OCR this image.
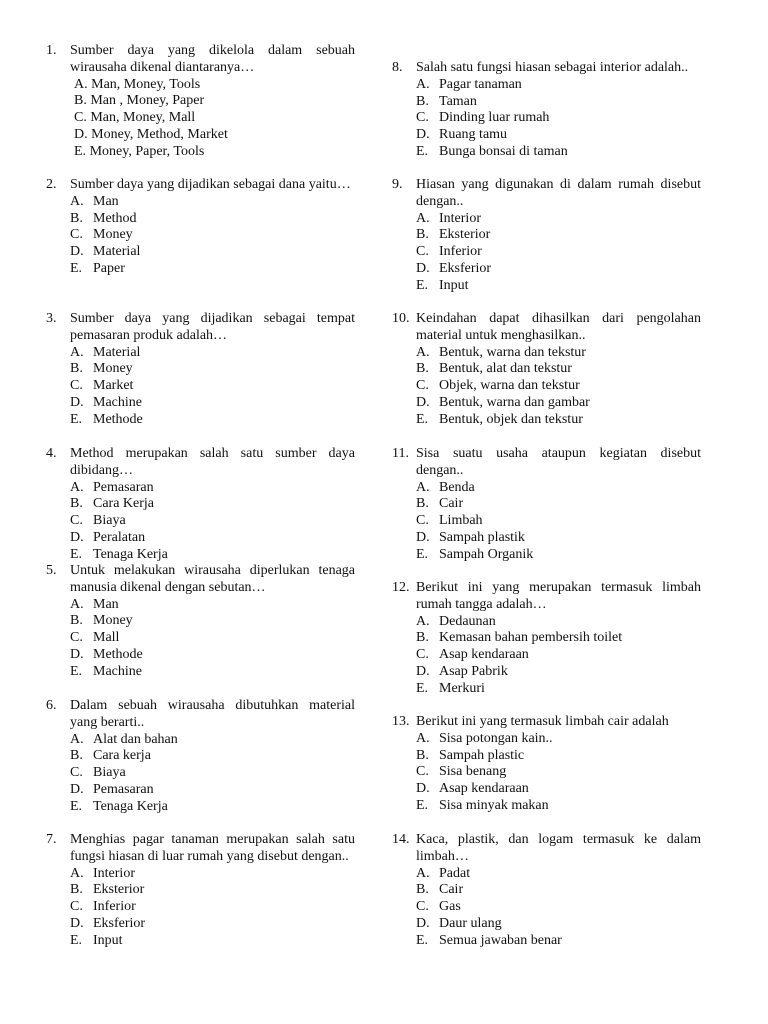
1. Sumber daya yang dikelola dalam sebuah wirausaha dikenal diantaranya…
A. Man, Money, Tools
B. Man , Money, Paper
C. Man, Money, Mall
D. Money, Method, Market
E. Money, Paper, Tools
2. Sumber daya yang dijadikan sebagai dana yaitu…
A. Man
B. Method
C. Money
D. Material
E. Paper
3. Sumber daya yang dijadikan sebagai tempat pemasaran produk adalah…
A. Material
B. Money
C. Market
D. Machine
E. Methode
4. Method merupakan salah satu sumber daya dibidang…
A. Pemasaran
B. Cara Kerja
C. Biaya
D. Peralatan
E. Tenaga Kerja
5. Untuk melakukan wirausaha diperlukan tenaga manusia dikenal dengan sebutan…
A. Man
B. Money
C. Mall
D. Methode
E. Machine
6. Dalam sebuah wirausaha dibutuhkan material yang berarti..
A. Alat dan bahan
B. Cara kerja
C. Biaya
D. Pemasaran
E. Tenaga Kerja
7. Menghias pagar tanaman merupakan salah satu fungsi hiasan di luar rumah yang disebut dengan..
A. Interior
B. Eksterior
C. Inferior
D. Eksferior
E. Input
8. Salah satu fungsi hiasan sebagai interior adalah..
A. Pagar tanaman
B. Taman
C. Dinding luar rumah
D. Ruang tamu
E. Bunga bonsai di taman
9. Hiasan yang digunakan di dalam rumah disebut dengan..
A. Interior
B. Eksterior
C. Inferior
D. Eksferior
E. Input
10. Keindahan dapat dihasilkan dari pengolahan material untuk menghasilkan..
A. Bentuk, warna dan tekstur
B. Bentuk, alat dan tekstur
C. Objek, warna dan tekstur
D. Bentuk, warna dan gambar
E. Bentuk, objek dan tekstur
11. Sisa suatu usaha ataupun kegiatan disebut dengan..
A. Benda
B. Cair
C. Limbah
D. Sampah plastik
E. Sampah Organik
12. Berikut ini yang merupakan termasuk limbah rumah tangga adalah…
A. Dedaunan
B. Kemasan bahan pembersih toilet
C. Asap kendaraan
D. Asap Pabrik
E. Merkuri
13. Berikut ini yang termasuk limbah cair adalah
A. Sisa potongan kain..
B. Sampah plastic
C. Sisa benang
D. Asap kendaraan
E. Sisa minyak makan
14. Kaca, plastik, dan logam termasuk ke dalam limbah…
A. Padat
B. Cair
C. Gas
D. Daur ulang
E. Semua jawaban benar
